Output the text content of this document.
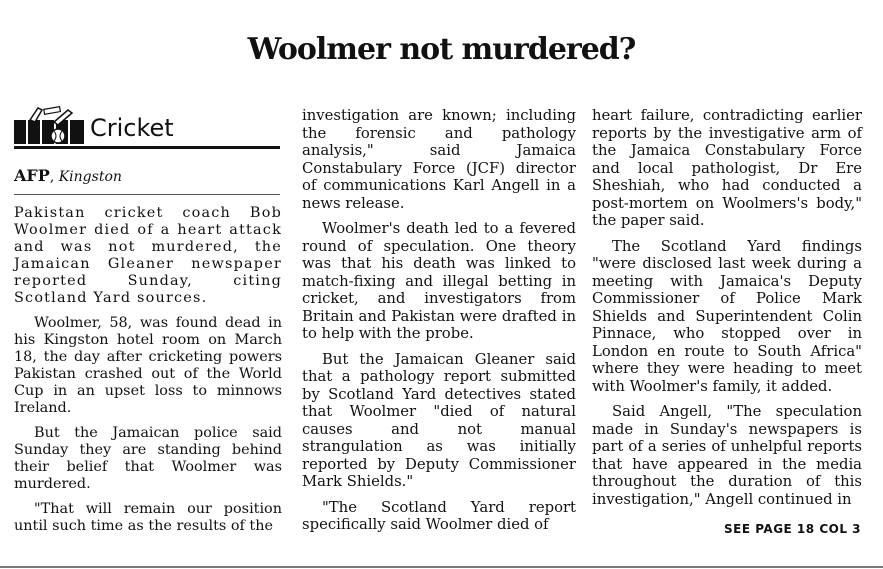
Woolmer not murdered?
Cricket
AFP, Kingston

Pakistan cricket coach Bob Woolmer died of a heart attack and was not murdered, the Jamaican Gleaner newspaper reported Sunday, citing Scotland Yard sources.

Woolmer, 58, was found dead in his Kingston hotel room on March 18, the day after cricketing powers Pakistan crashed out of the World Cup in an upset loss to minnows Ireland.

But the Jamaican police said Sunday they are standing behind their belief that Woolmer was murdered.

"That will remain our position until such time as the results of the

investigation are known; including the forensic and pathology analysis," said Jamaica Constabulary Force (JCF) director of communications Karl Angell in a news release.

Woolmer's death led to a fevered round of speculation. One theory was that his death was linked to match-fixing and illegal betting in cricket, and investigators from Britain and Pakistan were drafted in to help with the probe.

But the Jamaican Gleaner said that a pathology report submitted by Scotland Yard detectives stated that Woolmer "died of natural causes and not manual strangulation as was initially reported by Deputy Commissioner Mark Shields."

"The Scotland Yard report specifically said Woolmer died of

heart failure, contradicting earlier reports by the investigative arm of the Jamaica Constabulary Force and local pathologist, Dr Ere Sheshiah, who had conducted a post-mortem on Woolmers's body," the paper said.

The Scotland Yard findings "were disclosed last week during a meeting with Jamaica's Deputy Commissioner of Police Mark Shields and Superintendent Colin Pinnace, who stopped over in London en route to South Africa" where they were heading to meet with Woolmer's family, it added.

Said Angell, "The speculation made in Sunday's newspapers is part of a series of unhelpful reports that have appeared in the media throughout the duration of this investigation," Angell continued in

SEE PAGE 18 COL 3
